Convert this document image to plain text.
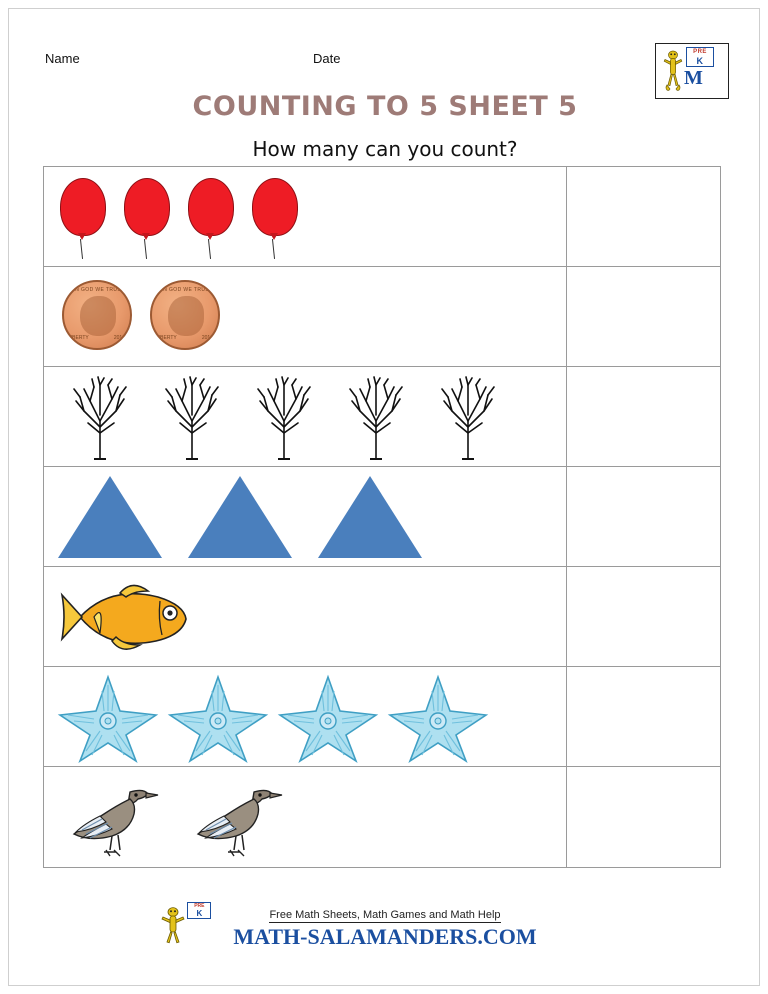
Name	Date	PRE
K
M
COUNTING TO 5 SHEET 5
How many can you count?
IN GOD WE TRUST
LIBERTY	2010
IN GOD WE TRUST
LIBERTY	2010
Free Math Sheets, Math Games and Math Help
PRE
K
MATH-SALAMANDERS.COM
